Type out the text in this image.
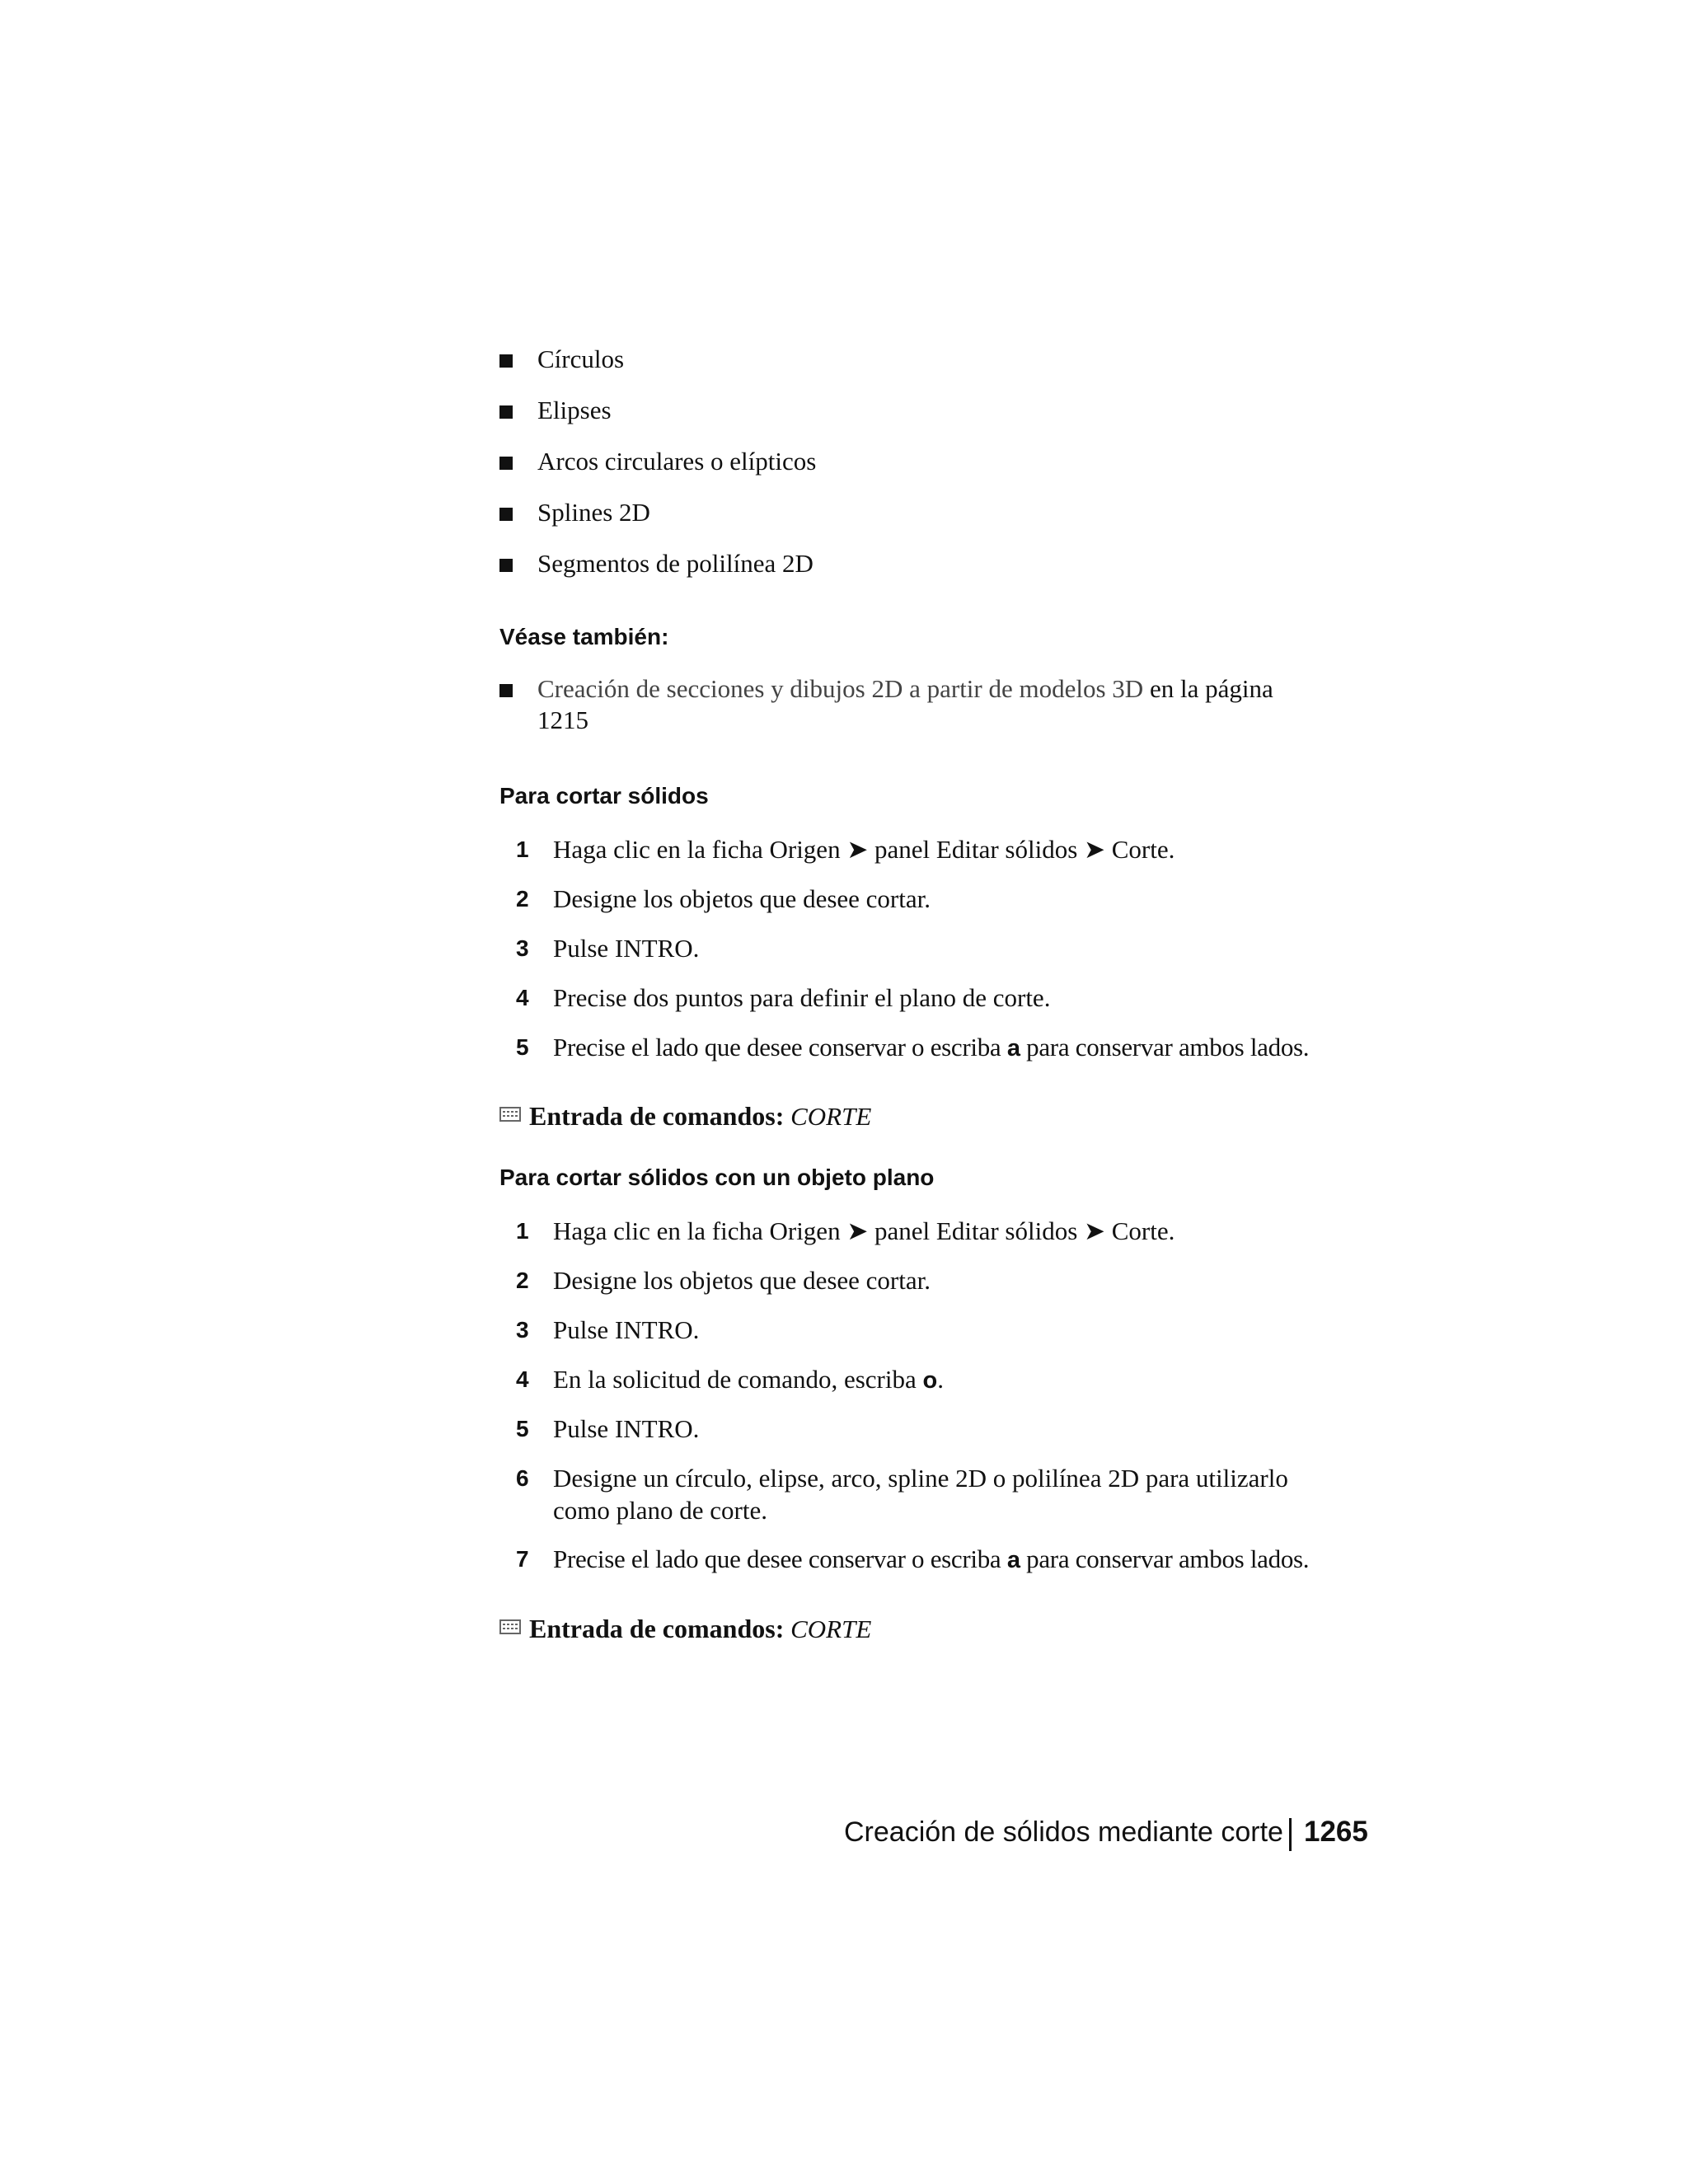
Círculos
Elipses
Arcos circulares o elípticos
Splines 2D
Segmentos de polilínea 2D
Véase también:
Creación de secciones y dibujos 2D a partir de modelos 3D en la página
1215
Para cortar sólidos
1 Haga clic en la ficha Origen ➤ panel Editar sólidos ➤ Corte.
2 Designe los objetos que desee cortar.
3 Pulse INTRO.
4 Precise dos puntos para definir el plano de corte.
5 Precise el lado que desee conservar o escriba a para conservar ambos lados.
Entrada de comandos: CORTE
Para cortar sólidos con un objeto plano
1 Haga clic en la ficha Origen ➤ panel Editar sólidos ➤ Corte.
2 Designe los objetos que desee cortar.
3 Pulse INTRO.
4 En la solicitud de comando, escriba o.
5 Pulse INTRO.
6 Designe un círculo, elipse, arco, spline 2D o polilínea 2D para utilizarlo
como plano de corte.
7 Precise el lado que desee conservar o escriba a para conservar ambos lados.
Entrada de comandos: CORTE
Creación de sólidos mediante corte 1265
